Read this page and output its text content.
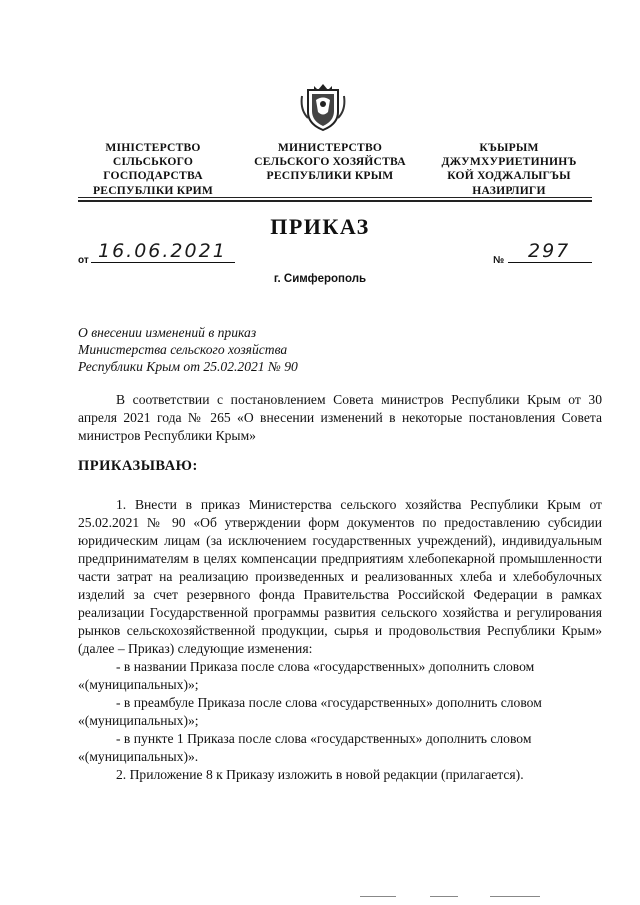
МІНІСТЕРСТВО
СІЛЬСЬКОГО
ГОСПОДАРСТВА
РЕСПУБЛІКИ КРИМ
МИНИСТЕРСТВО
СЕЛЬСКОГО ХОЗЯЙСТВА
РЕСПУБЛИКИ КРЫМ
КЪЫРЫМ
ДЖУМХУРИЕТИНИНЪ
КОЙ ХОДЖАЛЫГЪЫ
НАЗИРЛИГИ
ПРИКАЗ
от 16.06.2021	№ 297
г. Симферополь
О внесении изменений в приказ
Министерства сельского хозяйства
Республики Крым от 25.02.2021 № 90
В соответствии с постановлением Совета министров Республики Крым от 30 апреля 2021 года № 265 «О внесении изменений в некоторые постановления Совета министров Республики Крым»
ПРИКАЗЫВАЮ:

1. Внести в приказ Министерства сельского хозяйства Республики Крым от 25.02.2021 № 90 «Об утверждении форм документов по предоставлению субсидии юридическим лицам (за исключением государственных учреждений), индивидуальным предпринимателям в целях компенсации предприятиям хлебопекарной промышленности части затрат на реализацию произведенных и реализованных хлеба и хлебобулочных изделий за счет резервного фонда Правительства Российской Федерации в рамках реализации Государственной программы развития сельского хозяйства и регулирования рынков сельскохозяйственной продукции, сырья и продовольствия Республики Крым» (далее – Приказ) следующие изменения:

- в названии Приказа после слова «государственных» дополнить словом

«(муниципальных)»;

- в преамбуле Приказа после слова «государственных» дополнить словом

«(муниципальных)»;

- в пункте 1 Приказа после слова «государственных» дополнить словом

«(муниципальных)».

2. Приложение 8 к Приказу изложить в новой редакции (прилагается).
